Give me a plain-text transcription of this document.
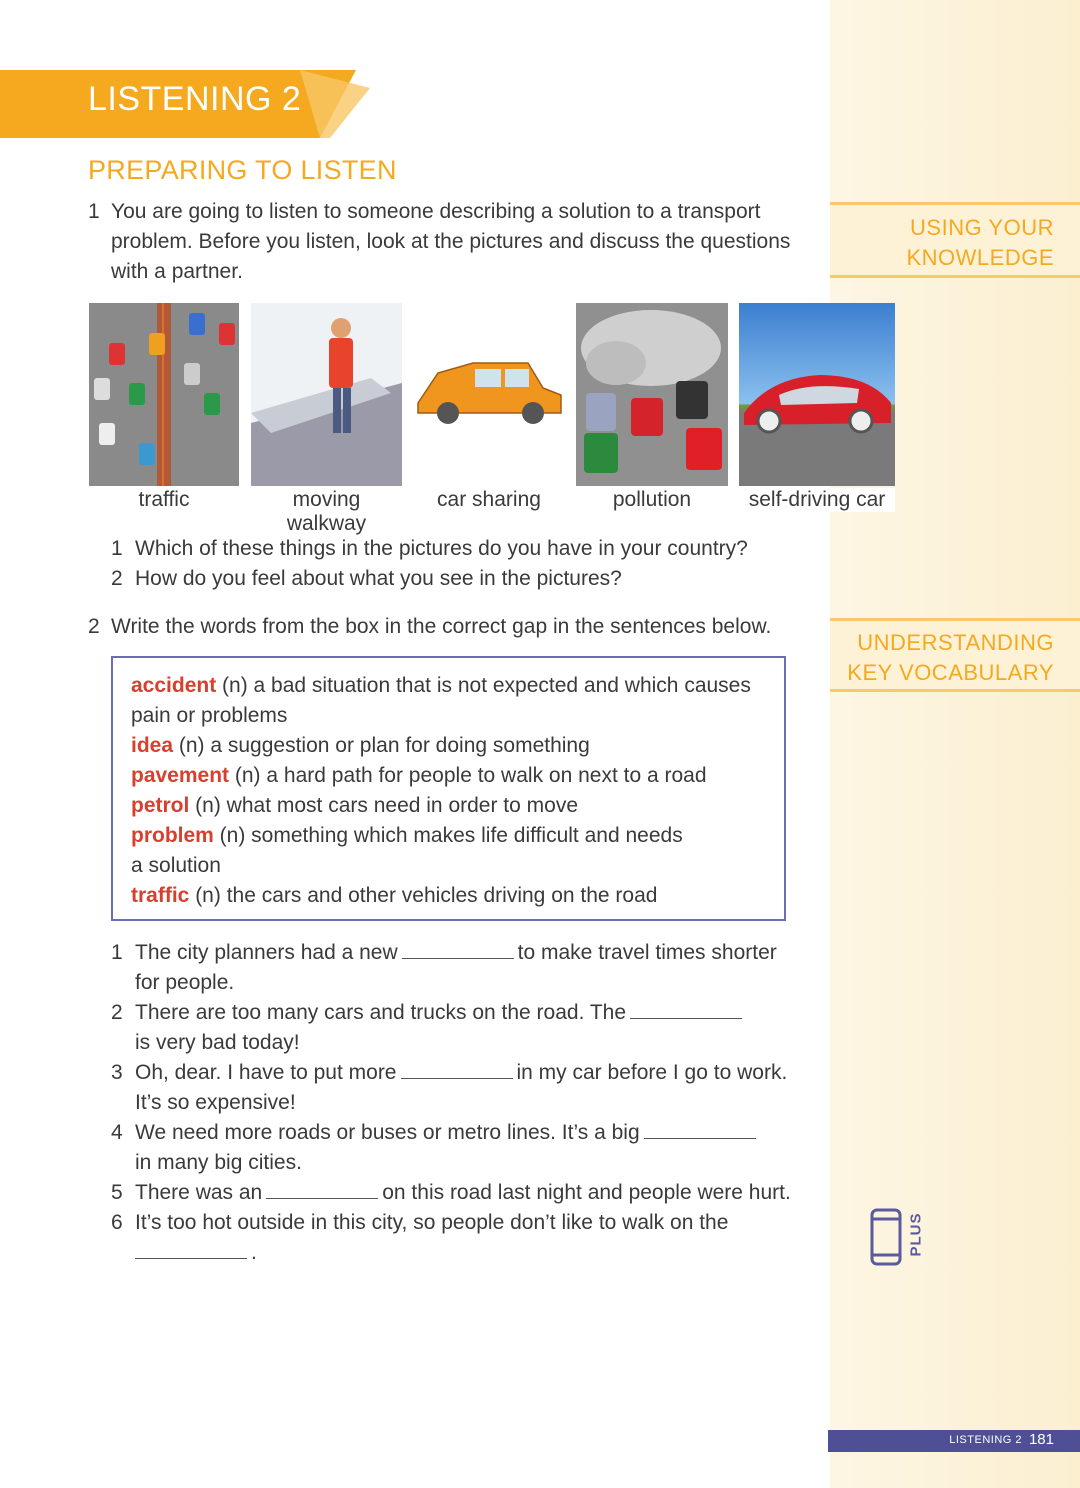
USING YOUR
KNOWLEDGE
UNDERSTANDING
KEY VOCABULARY
PLUS
LISTENING 2
PREPARING TO LISTEN
1 You are going to listen to someone describing a solution to a transport
problem. Before you listen, look at the pictures and discuss the questions
with a partner.
traffic	moving walkway
car sharing	pollution	self-driving car
1 Which of these things in the pictures do you have in your country?
2 How do you feel about what you see in the pictures?
2 Write the words from the box in the correct gap in the sentences below.
accident (n) a bad situation that is not expected and which causes
pain or problems
idea (n) a suggestion or plan for doing something
pavement (n) a hard path for people to walk on next to a road
petrol (n) what most cars need in order to move
problem (n) something which makes life difficult and needs
a solution
traffic (n) the cars and other vehicles driving on the road
1 The city planners had a new	to make travel times shorter
for people.
2 There are too many cars and trucks on the road. The
is very bad today!
3 Oh, dear. I have to put more	in my car before I go to work.
It’s so expensive!
4 We need more roads or buses or metro lines. It’s a big
in many big cities.
5 There was an	on this road last night and people were hurt.
6 It’s too hot outside in this city, so people don’t like to walk on the
.
LISTENING 2 181
